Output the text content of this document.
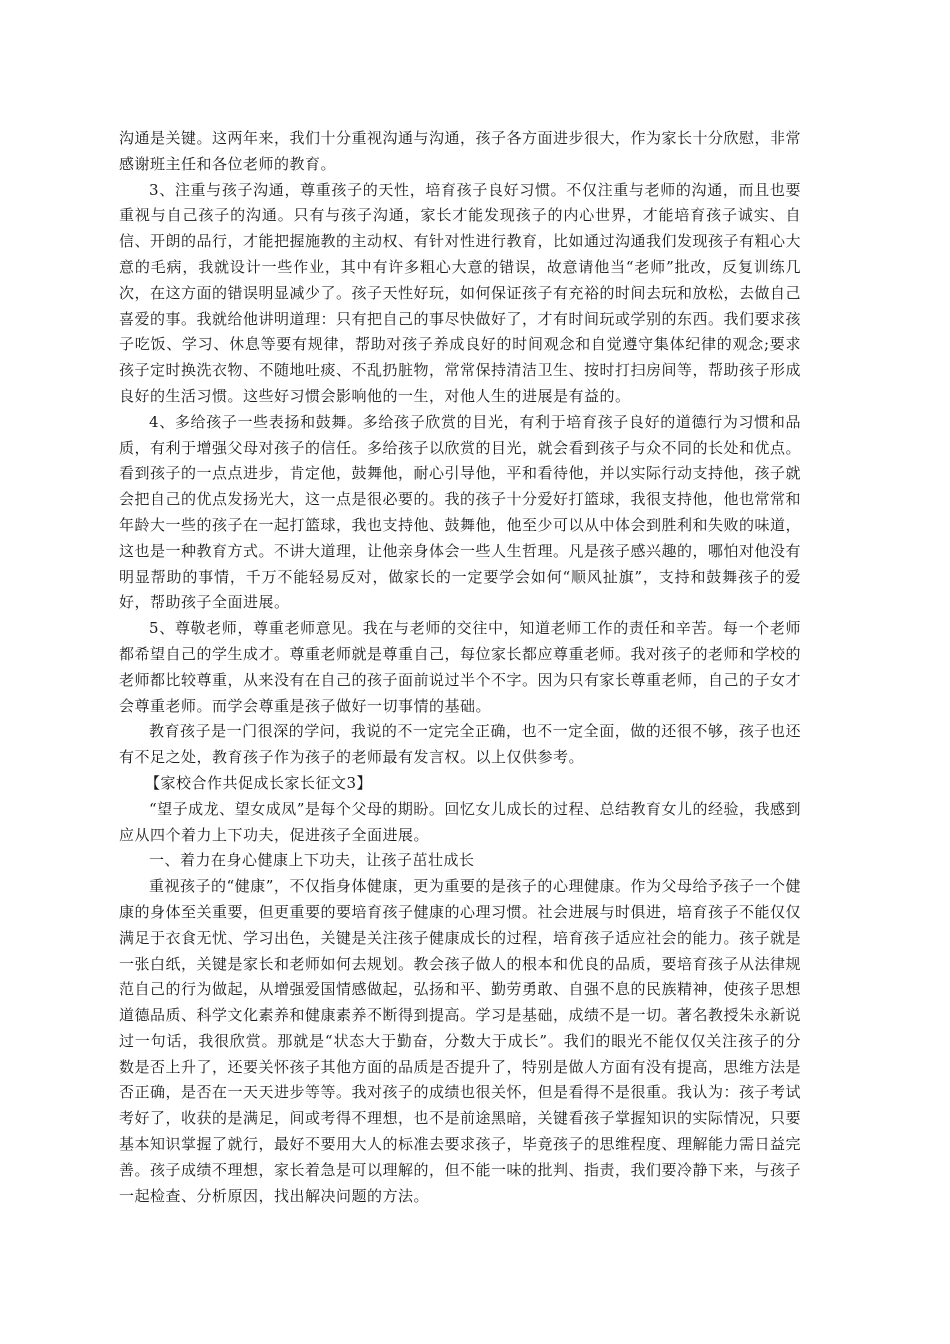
沟通是关键。这两年来，我们十分重视沟通与沟通，孩子各方面进步很大，作为家长十分欣慰，非常感谢班主任和各位老师的教育。

3、注重与孩子沟通，尊重孩子的天性，培育孩子良好习惯。不仅注重与老师的沟通，而且也要重视与自己孩子的沟通。只有与孩子沟通，家长才能发现孩子的内心世界，才能培育孩子诚实、自信、开朗的品行，才能把握施教的主动权、有针对性进行教育，比如通过沟通我们发现孩子有粗心大意的毛病，我就设计一些作业，其中有许多粗心大意的错误，故意请他当“老师”批改，反复训练几次，在这方面的错误明显减少了。孩子天性好玩，如何保证孩子有充裕的时间去玩和放松，去做自己喜爱的事。我就给他讲明道理：只有把自己的事尽快做好了，才有时间玩或学别的东西。我们要求孩子吃饭、学习、休息等要有规律，帮助对孩子养成良好的时间观念和自觉遵守集体纪律的观念;要求孩子定时换洗衣物、不随地吐痰、不乱扔脏物，常常保持清洁卫生、按时打扫房间等，帮助孩子形成良好的生活习惯。这些好习惯会影响他的一生，对他人生的进展是有益的。

4、多给孩子一些表扬和鼓舞。多给孩子欣赏的目光，有利于培育孩子良好的道德行为习惯和品质，有利于增强父母对孩子的信任。多给孩子以欣赏的目光，就会看到孩子与众不同的长处和优点。看到孩子的一点点进步，肯定他，鼓舞他，耐心引导他，平和看待他，并以实际行动支持他，孩子就会把自己的优点发扬光大，这一点是很必要的。我的孩子十分爱好打篮球，我很支持他，他也常常和年龄大一些的孩子在一起打篮球，我也支持他、鼓舞他，他至少可以从中体会到胜利和失败的味道，这也是一种教育方式。不讲大道理，让他亲身体会一些人生哲理。凡是孩子感兴趣的，哪怕对他没有明显帮助的事情，千万不能轻易反对，做家长的一定要学会如何“顺风扯旗”，支持和鼓舞孩子的爱好，帮助孩子全面进展。

5、尊敬老师，尊重老师意见。我在与老师的交往中，知道老师工作的责任和辛苦。每一个老师都希望自己的学生成才。尊重老师就是尊重自己，每位家长都应尊重老师。我对孩子的老师和学校的老师都比较尊重，从来没有在自己的孩子面前说过半个不字。因为只有家长尊重老师，自己的子女才会尊重老师。而学会尊重是孩子做好一切事情的基础。

教育孩子是一门很深的学问，我说的不一定完全正确，也不一定全面，做的还很不够，孩子也还有不足之处，教育孩子作为孩子的老师最有发言权。以上仅供参考。

【家校合作共促成长家长征文3】

“望子成龙、望女成凤”是每个父母的期盼。回忆女儿成长的过程、总结教育女儿的经验，我感到应从四个着力上下功夫，促进孩子全面进展。

一、着力在身心健康上下功夫，让孩子茁壮成长

重视孩子的“健康”，不仅指身体健康，更为重要的是孩子的心理健康。作为父母给予孩子一个健康的身体至关重要，但更重要的要培育孩子健康的心理习惯。社会进展与时俱进，培育孩子不能仅仅满足于衣食无忧、学习出色，关键是关注孩子健康成长的过程，培育孩子适应社会的能力。孩子就是一张白纸，关键是家长和老师如何去规划。教会孩子做人的根本和优良的品质，要培育孩子从法律规范自己的行为做起，从增强爱国情感做起，弘扬和平、勤劳勇敢、自强不息的民族精神，使孩子思想道德品质、科学文化素养和健康素养不断得到提高。学习是基础，成绩不是一切。著名教授朱永新说过一句话，我很欣赏。那就是“状态大于勤奋，分数大于成长”。我们的眼光不能仅仅关注孩子的分数是否上升了，还要关怀孩子其他方面的品质是否提升了，特别是做人方面有没有提高，思维方法是否正确，是否在一天天进步等等。我对孩子的成绩也很关怀，但是看得不是很重。我认为：孩子考试考好了，收获的是满足，间或考得不理想，也不是前途黑暗，关键看孩子掌握知识的实际情况，只要基本知识掌握了就行，最好不要用大人的标准去要求孩子，毕竟孩子的思维程度、理解能力需日益完善。孩子成绩不理想，家长着急是可以理解的，但不能一味的批判、指责，我们要冷静下来，与孩子一起检查、分析原因，找出解决问题的方法。
